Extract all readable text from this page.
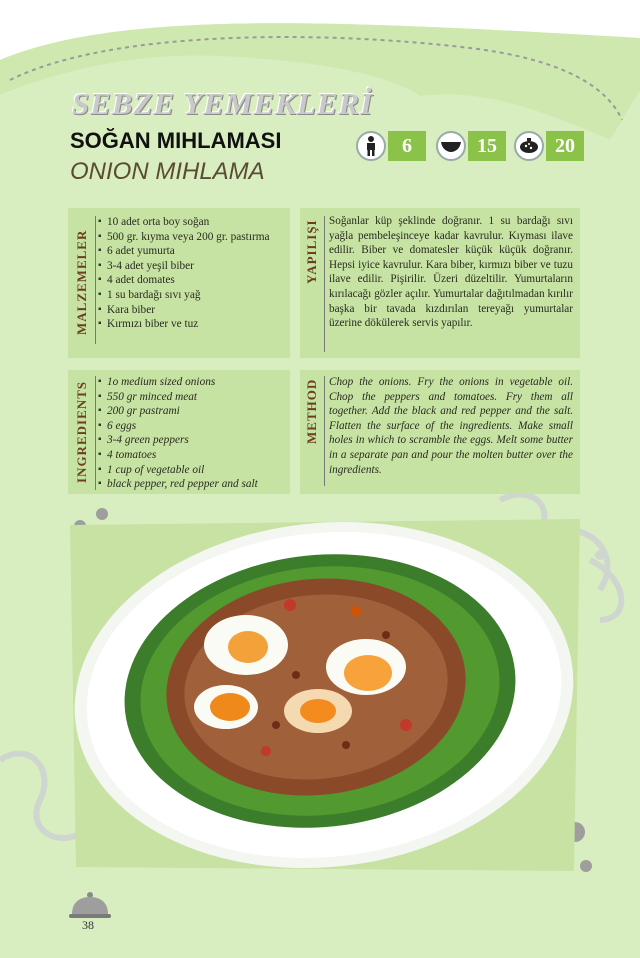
SEBZE YEMEKLERİ
SOĞAN MIHLAMASI
ONION MIHLAMA
6	15	20
MALZEMELER
▪ 10 adet orta boy soğan
▪ 500 gr. kıyma veya 200 gr. pastırma
▪ 6 adet yumurta
▪ 3-4 adet yeşil biber
▪ 4 adet domates
▪ 1 su bardağı sıvı yağ
▪ Kara biber
▪ Kırmızı biber ve tuz
YAPILIŞI Soğanlar küp şeklinde doğranır. 1 su bardağı sıvı yağla pembeleşinceye kadar kavrulur. Kıyması ilave edilir. Biber ve domatesler küçük küçük doğranır. Hepsi iyice kavrulur. Kara biber, kırmızı biber ve tuzu ilave edilir. Pişirilir. Üzeri düzeltilir. Yumurtaların kırılacağı gözler açılır. Yumurtalar dağıtılmadan kırılır başka bir tavada kızdırılan tereyağı yumurtalar üzerine dökülerek servis yapılır.

INGREDIENTS
▪	1o medium sized onions
▪ 550 gr minced meat
▪ 200 gr pastrami
▪ 6 eggs
▪ 3-4 green peppers
▪ 4 tomatoes
▪ 1 cup of vegetable oil
▪ black pepper, red pepper and salt
METHOD Chop the onions. Fry the onions in vegetable oil. Chop the peppers and tomatoes. Fry them all together. Add the black and red pepper and the salt. Flatten the surface of the ingredients. Make small holes in which to scramble the eggs. Melt some butter in a separate pan and pour the molten butter over the ingredients.

38
